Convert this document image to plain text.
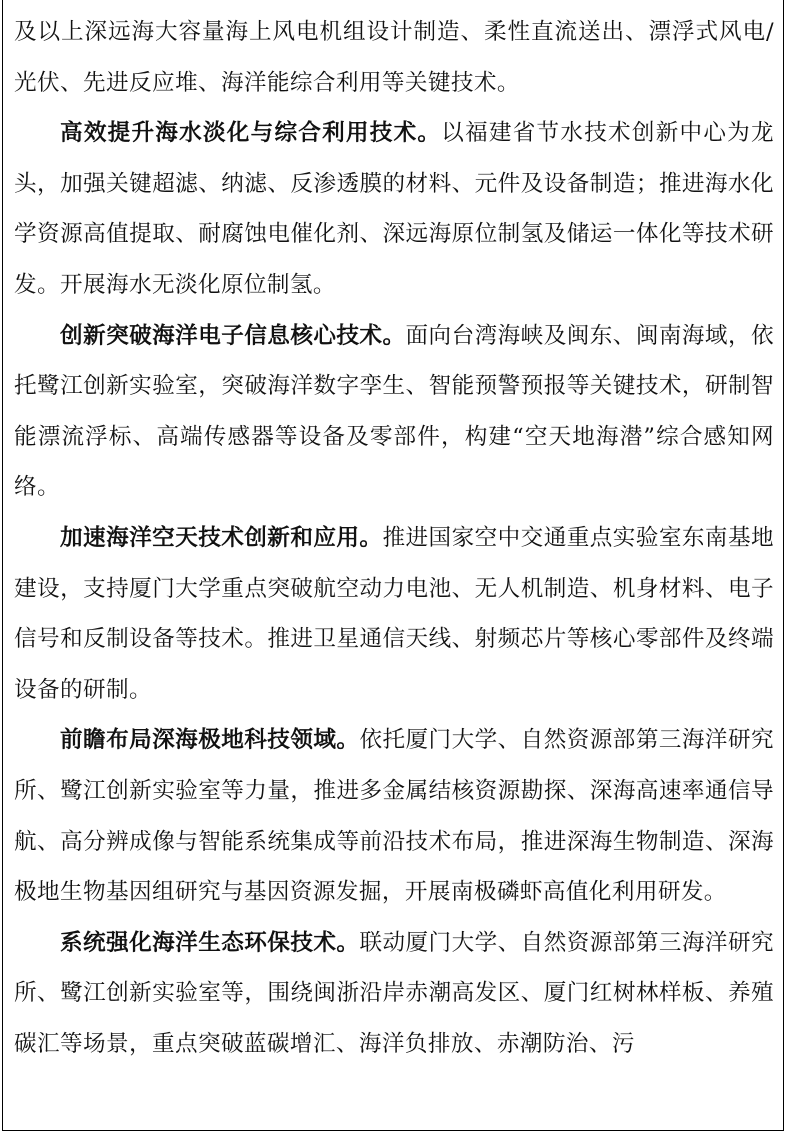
及以上深远海大容量海上风电机组设计制造、柔性直流送出、漂浮式风电/光伏、先进反应堆、海洋能综合利用等关键技术。

高效提升海水淡化与综合利用技术。以福建省节水技术创新中心为龙头，加强关键超滤、纳滤、反渗透膜的材料、元件及设备制造；推进海水化学资源高值提取、耐腐蚀电催化剂、深远海原位制氢及储运一体化等技术研发。开展海水无淡化原位制氢。

创新突破海洋电子信息核心技术。面向台湾海峡及闽东、闽南海域，依托鹭江创新实验室，突破海洋数字孪生、智能预警预报等关键技术，研制智能漂流浮标、高端传感器等设备及零部件，构建“空天地海潜”综合感知网络。

加速海洋空天技术创新和应用。推进国家空中交通重点实验室东南基地建设，支持厦门大学重点突破航空动力电池、无人机制造、机身材料、电子信号和反制设备等技术。推进卫星通信天线、射频芯片等核心零部件及终端设备的研制。

前瞻布局深海极地科技领域。依托厦门大学、自然资源部第三海洋研究所、鹭江创新实验室等力量，推进多金属结核资源勘探、深海高速率通信导航、高分辨成像与智能系统集成等前沿技术布局，推进深海生物制造、深海极地生物基因组研究与基因资源发掘，开展南极磷虾高值化利用研发。

系统强化海洋生态环保技术。联动厦门大学、自然资源部第三海洋研究所、鹭江创新实验室等，围绕闽浙沿岸赤潮高发区、厦门红树林样板、养殖碳汇等场景，重点突破蓝碳增汇、海洋负排放、赤潮防治、污
